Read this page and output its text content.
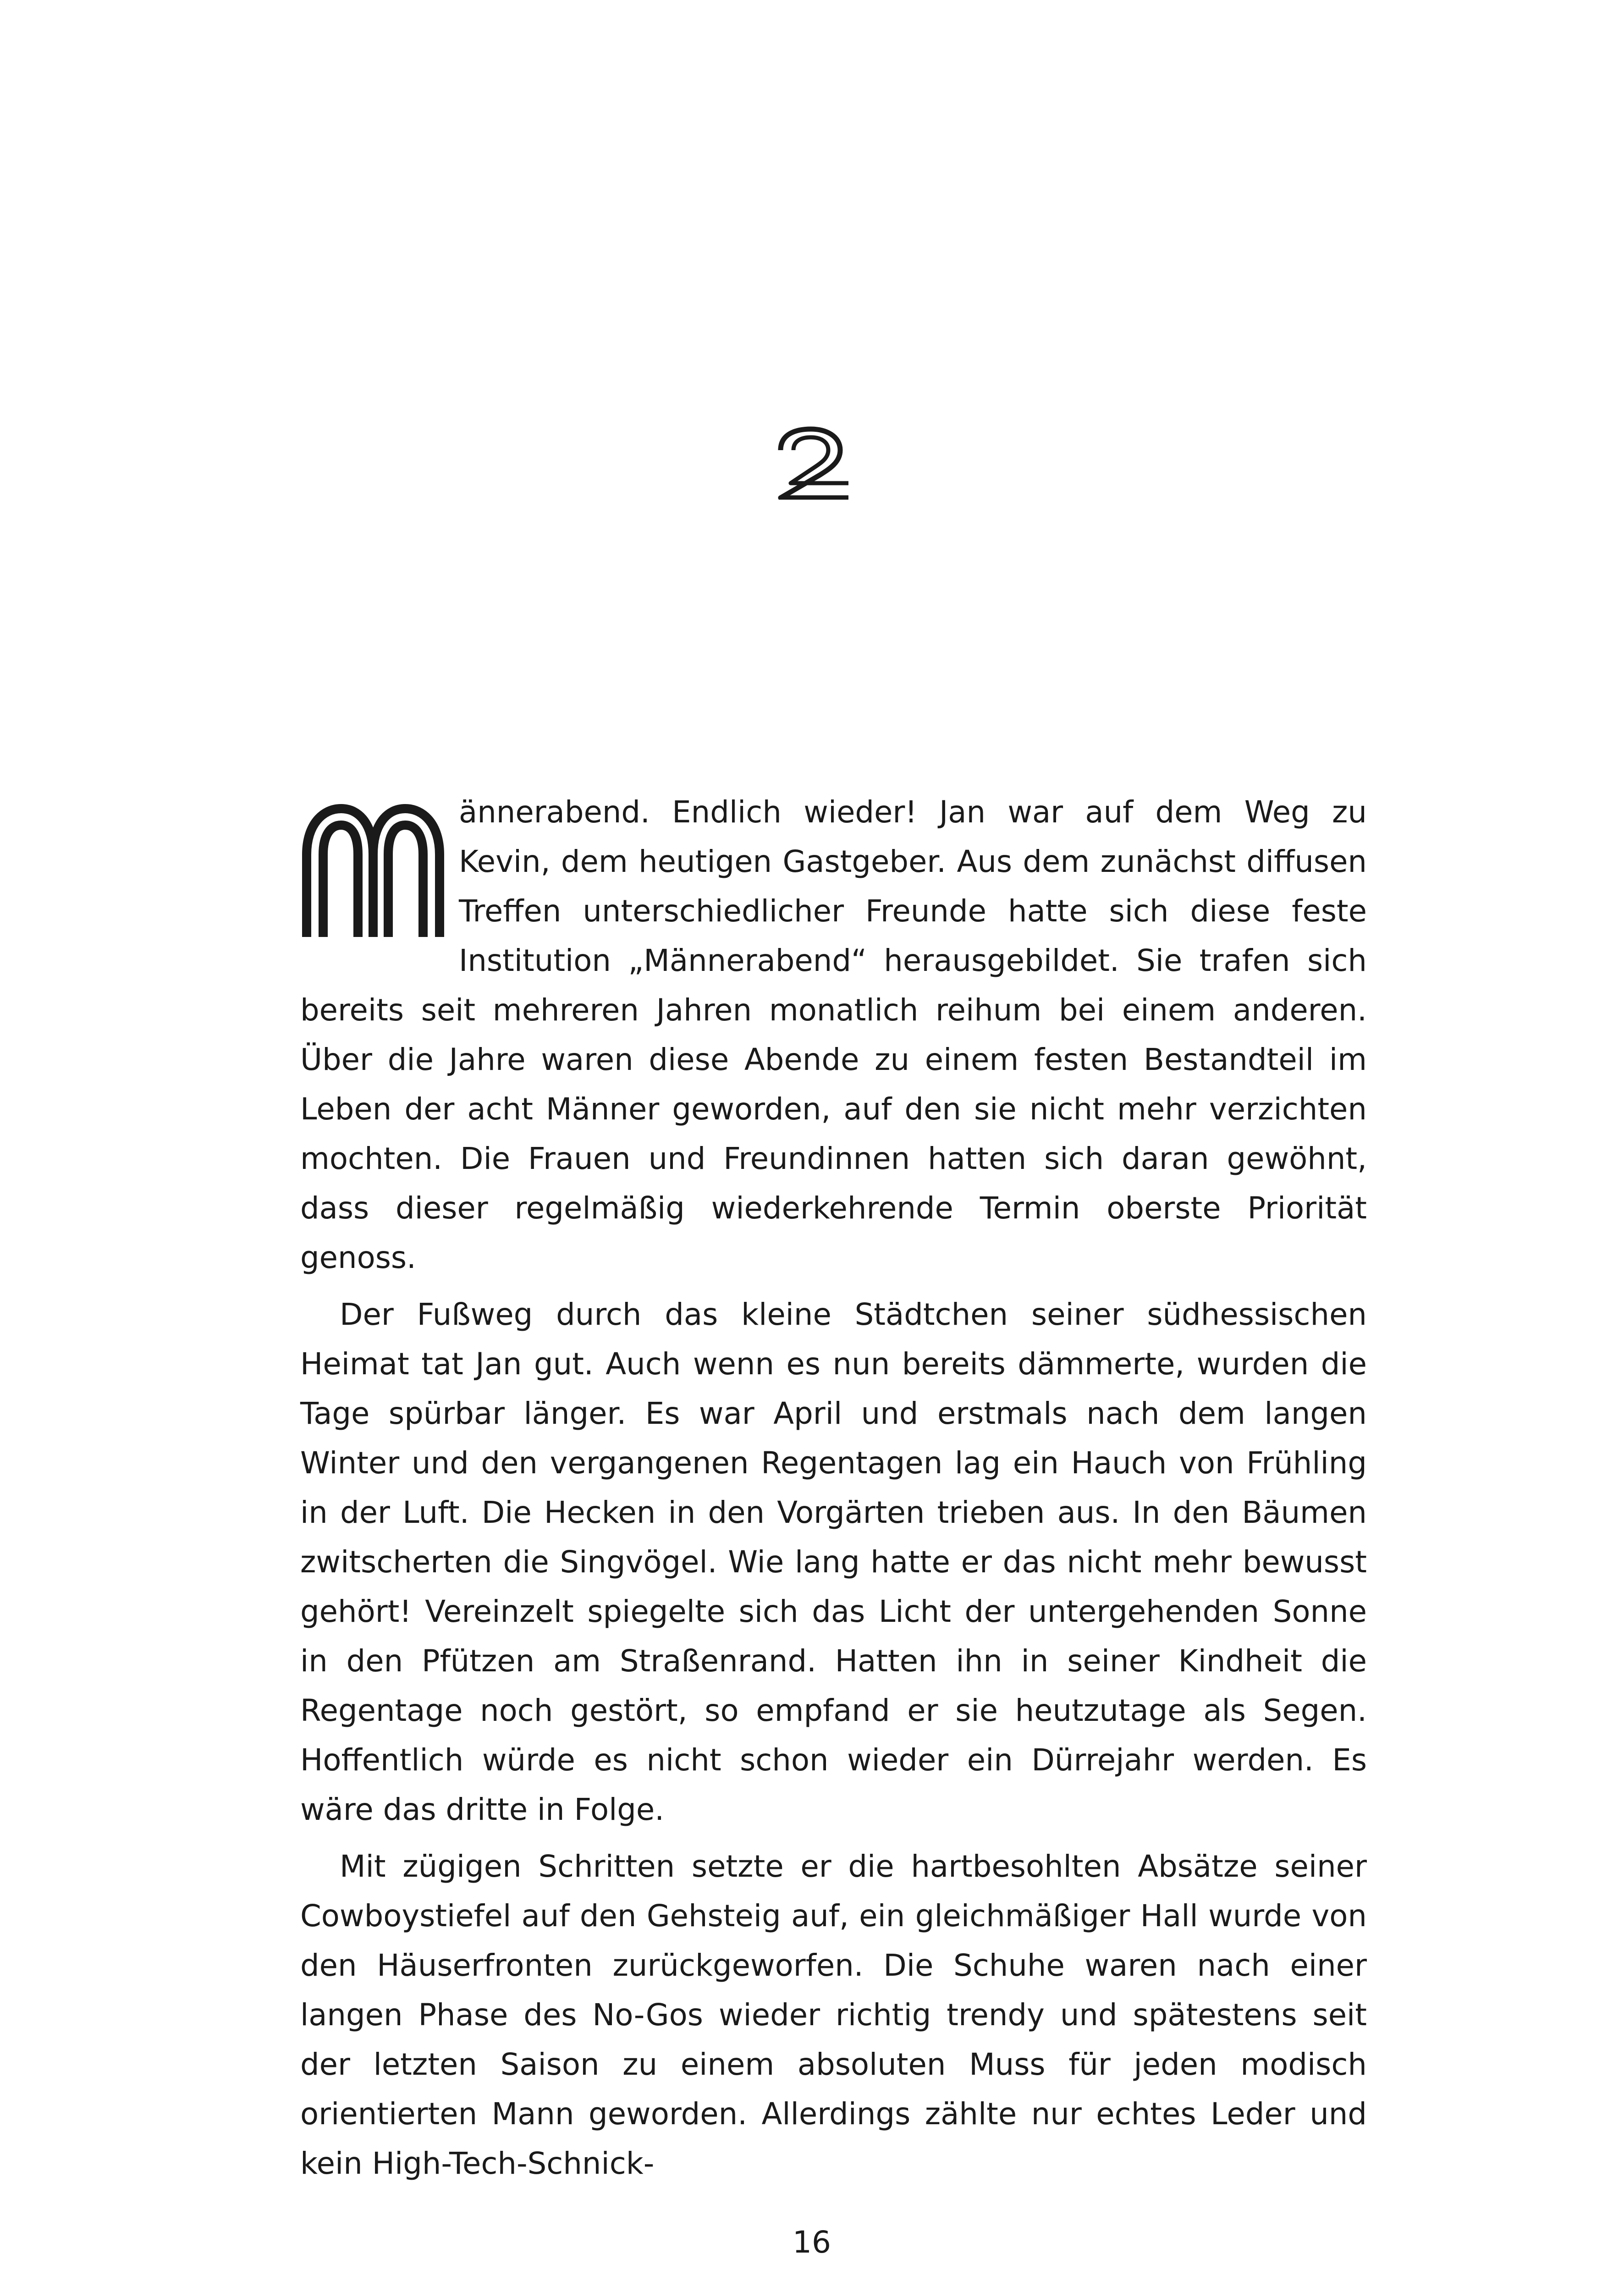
ännerabend. Endlich wieder! Jan war auf dem Weg zu Kevin, dem heutigen Gastgeber. Aus dem zunächst diffusen Treffen unterschiedlicher Freunde hatte sich diese feste Institution „Männerabend“ herausgebildet. Sie trafen sich bereits seit mehreren Jahren monatlich reihum bei einem anderen. Über die Jahre waren diese Abende zu einem festen Bestandteil im Leben der acht Männer geworden, auf den sie nicht mehr verzichten mochten. Die Frauen und Freundinnen hatten sich daran gewöhnt, dass dieser regelmäßig wiederkehrende Termin oberste Priorität genoss.

Der Fußweg durch das kleine Städtchen seiner südhessischen Heimat tat Jan gut. Auch wenn es nun bereits dämmerte, wurden die Tage spürbar länger. Es war April und erstmals nach dem langen Winter und den vergangenen Regentagen lag ein Hauch von Frühling in der Luft. Die Hecken in den Vorgärten trieben aus. In den Bäumen zwitscherten die Singvögel. Wie lang hatte er das nicht mehr bewusst gehört! Vereinzelt spiegelte sich das Licht der untergehenden Sonne in den Pfützen am Straßenrand. Hatten ihn in seiner Kindheit die Regentage noch gestört, so empfand er sie heutzutage als Segen. Hoffentlich würde es nicht schon wieder ein Dürrejahr werden. Es wäre das dritte in Folge.

Mit zügigen Schritten setzte er die hartbesohlten Absätze seiner Cowboystiefel auf den Gehsteig auf, ein gleichmäßiger Hall wurde von den Häuserfronten zurückgeworfen. Die Schuhe waren nach einer langen Phase des No-Gos wieder richtig trendy und spätestens seit der letzten Saison zu einem absoluten Muss für jeden modisch orientierten Mann geworden. Allerdings zählte nur echtes Leder und kein High-Tech-Schnick-

16
